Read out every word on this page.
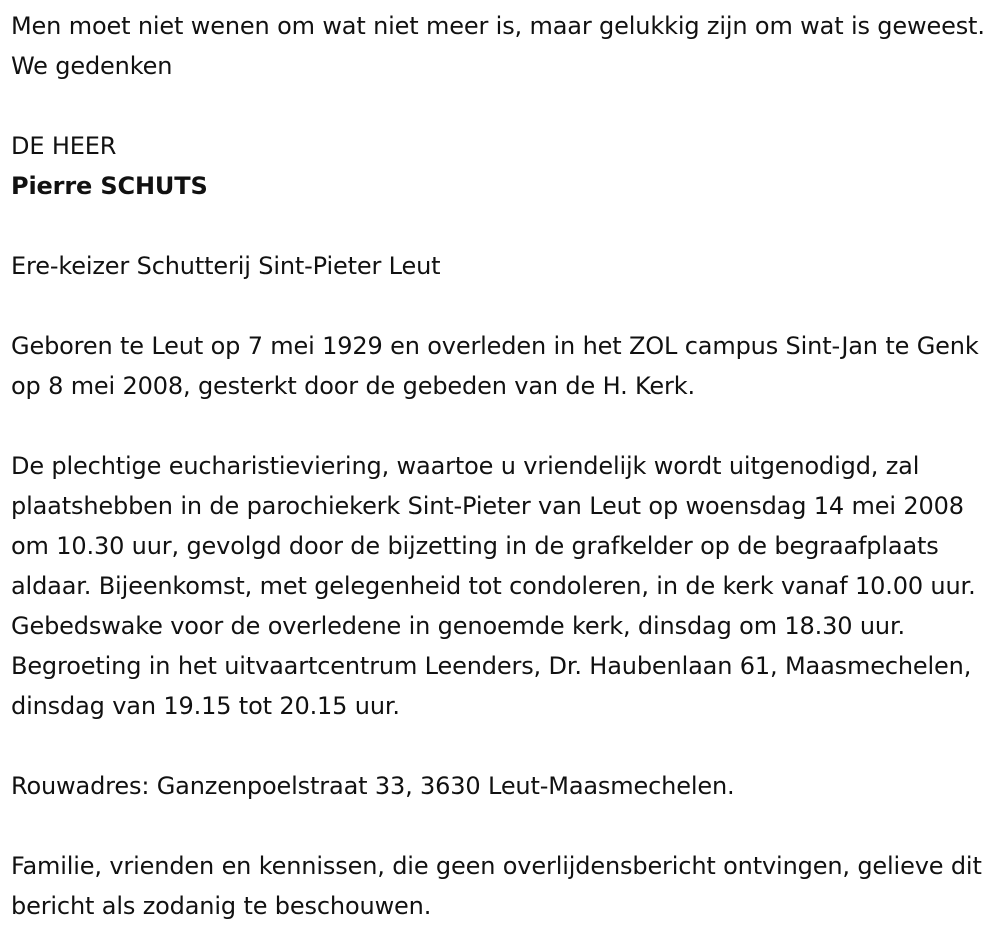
Men moet niet wenen om wat niet meer is, maar gelukkig zijn om wat is geweest. We gedenken

DE HEER

Pierre SCHUTS

Ere-keizer Schutterij Sint-Pieter Leut

Geboren te Leut op 7 mei 1929 en overleden in het ZOL campus Sint-Jan te Genk op 8 mei 2008, gesterkt door de gebeden van de H. Kerk.

De plechtige eucharistieviering, waartoe u vriendelijk wordt uitgenodigd, zal plaatshebben in de parochiekerk Sint-Pieter van Leut op woensdag 14 mei 2008 om 10.30 uur, gevolgd door de bijzetting in de grafkelder op de begraafplaats aldaar. Bijeenkomst, met gelegenheid tot condoleren, in de kerk vanaf 10.00 uur. Gebedswake voor de overledene in genoemde kerk, dinsdag om 18.30 uur. Begroeting in het uitvaartcentrum Leenders, Dr. Haubenlaan 61, Maasmechelen, dinsdag van 19.15 tot 20.15 uur.

Rouwadres: Ganzenpoelstraat 33, 3630 Leut-Maasmechelen.

Familie, vrienden en kennissen, die geen overlijdensbericht ontvingen, gelieve dit bericht als zodanig te beschouwen.
